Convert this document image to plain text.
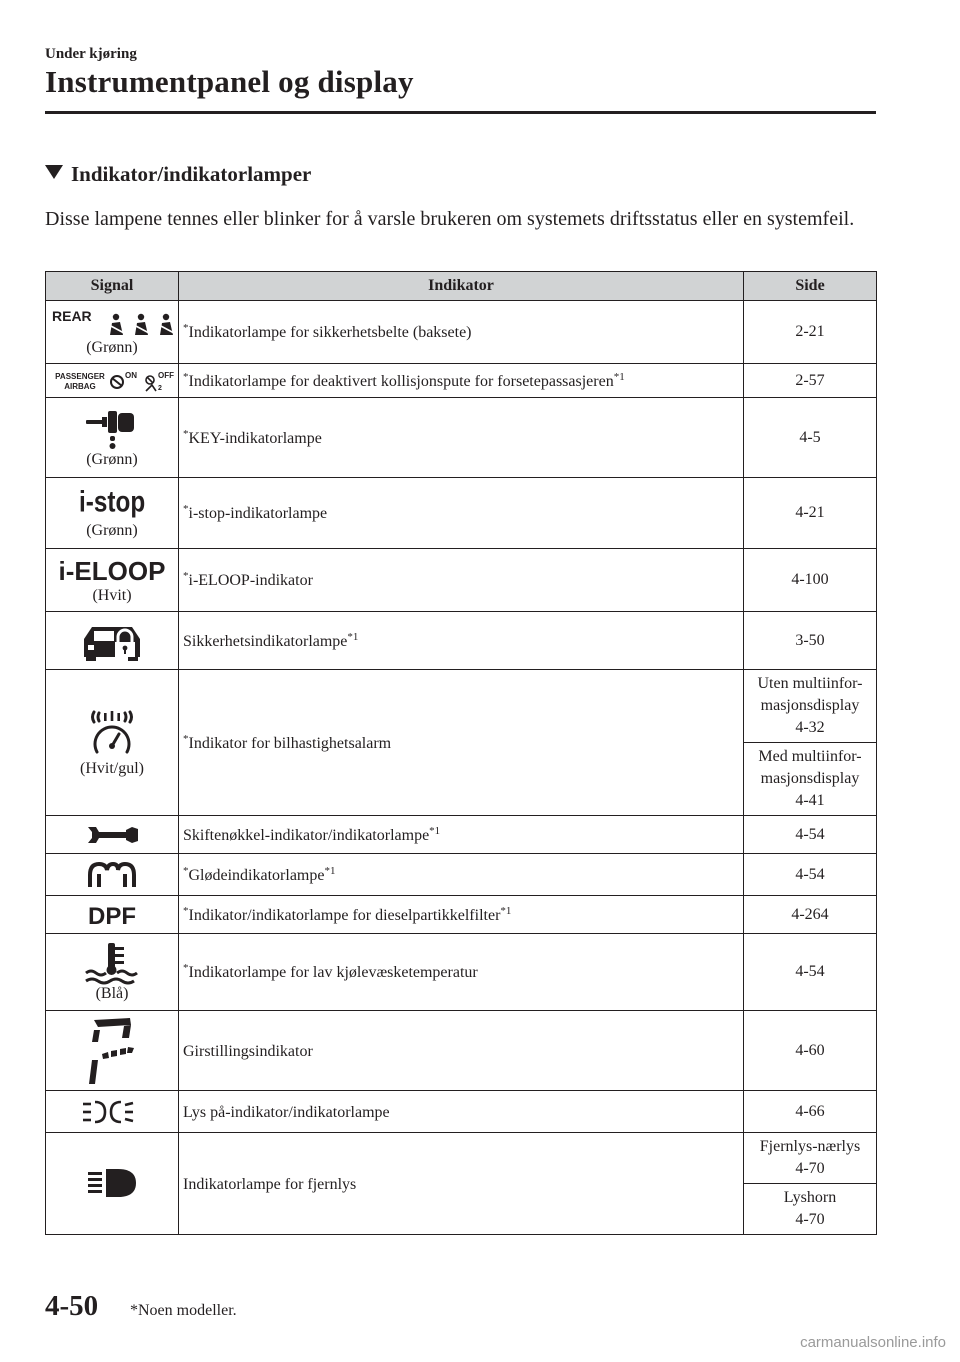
Under kjøring
Instrumentpanel og display
Indikator/indikatorlamper
Disse lampene tennes eller blinker for å varsle brukeren om systemets driftsstatus eller en systemfeil.
Signal	Indikator	Side

REAR
(Grønn)	*Indikatorlampe for sikkerhetsbelte (baksete)	2-21

PASSENGER
AIRBAG
ON OFF
2	*Indikatorlampe for deaktivert kollisjonspute for forsetepassasjeren$^{*1}$	2-57

(Grønn)	*KEY-indikatorlampe	4-5

i-stop
(Grønn)	*i-stop-indikatorlampe	4-21

i-ELOOP
(Hvit)	*i-ELOOP-indikator	4-100

	Sikkerhetsindikatorlampe$^{*1}$	3-50

(Hvit/gul)	*Indikator for bilhastighetsalarm	Uten multiinfor-
masjonsdisplay
4-32

		Med multiinfor-
masjonsdisplay
4-41

	Skiftenøkkel-indikator/indikatorlampe$^{*1}$	4-54

	*Glødeindikatorlampe$^{*1}$	4-54

DPF	*Indikator/indikatorlampe for dieselpartikkelfilter$^{*1}$	4-264

(Blå)	*Indikatorlampe for lav kjølevæsketemperatur	4-54

	Girstillingsindikator	4-60

	Lys på-indikator/indikatorlampe	4-66

	Indikatorlampe for fjernlys	Fjernlys-nærlys
4-70

		Lyshorn
4-70
4-50 *Noen modeller.
carmanualsonline.info
